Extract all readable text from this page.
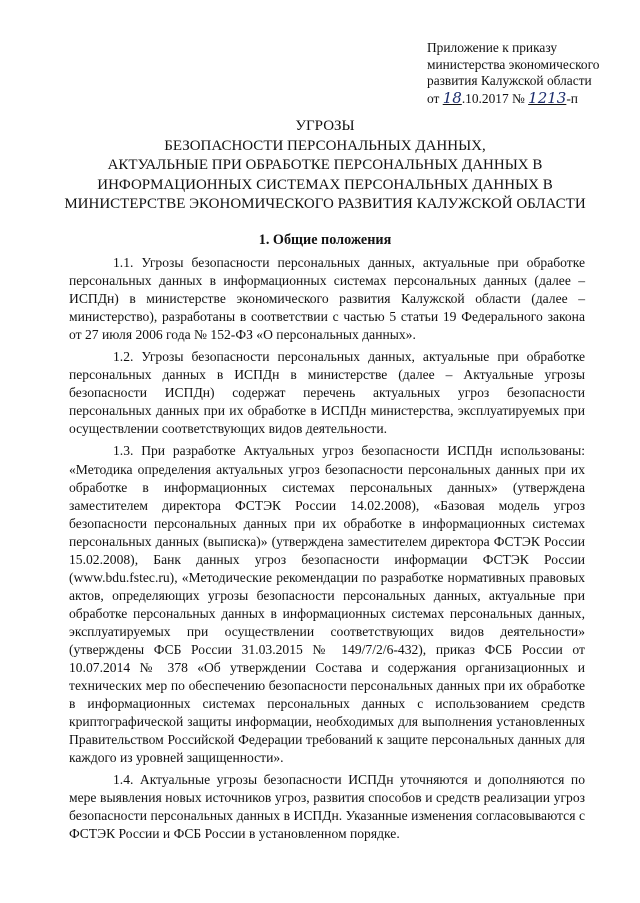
Приложение к приказу
министерства экономического
развития Калужской области
от 18.10.2017 № 1213-п
УГРОЗЫ
БЕЗОПАСНОСТИ ПЕРСОНАЛЬНЫХ ДАННЫХ,
АКТУАЛЬНЫЕ ПРИ ОБРАБОТКЕ ПЕРСОНАЛЬНЫХ ДАННЫХ В
ИНФОРМАЦИОННЫХ СИСТЕМАХ ПЕРСОНАЛЬНЫХ ДАННЫХ В
МИНИСТЕРСТВЕ ЭКОНОМИЧЕСКОГО РАЗВИТИЯ КАЛУЖСКОЙ ОБЛАСТИ
1. Общие положения

1.1. Угрозы безопасности персональных данных, актуальные при обработке персональных данных в информационных системах персональных данных (далее – ИСПДн) в министерстве экономического развития Калужской области (далее – министерство), разработаны в соответствии с частью 5 статьи 19 Федерального закона от 27 июля 2006 года № 152-ФЗ «О персональных данных».

1.2. Угрозы безопасности персональных данных, актуальные при обработке персональных данных в ИСПДн в министерстве (далее – Актуальные угрозы безопасности ИСПДн) содержат перечень актуальных угроз безопасности персональных данных при их обработке в ИСПДн министерства, эксплуатируемых при осуществлении соответствующих видов деятельности.

1.3. При разработке Актуальных угроз безопасности ИСПДн использованы: «Методика определения актуальных угроз безопасности персональных данных при их обработке в информационных системах персональных данных» (утверждена заместителем директора ФСТЭК России 14.02.2008), «Базовая модель угроз безопасности персональных данных при их обработке в информационных системах персональных данных (выписка)» (утверждена заместителем директора ФСТЭК России 15.02.2008), Банк данных угроз безопасности информации ФСТЭК России (www.bdu.fstec.ru), «Методические рекомендации по разработке нормативных правовых актов, определяющих угрозы безопасности персональных данных, актуальные при обработке персональных данных в информационных системах персональных данных, эксплуатируемых при осуществлении соответствующих видов деятельности» (утверждены ФСБ России 31.03.2015 № 149/7/2/6-432), приказ ФСБ России от 10.07.2014 № 378 «Об утверждении Состава и содержания организационных и технических мер по обеспечению безопасности персональных данных при их обработке в информационных системах персональных данных с использованием средств криптографической защиты информации, необходимых для выполнения установленных Правительством Российской Федерации требований к защите персональных данных для каждого из уровней защищенности».

1.4. Актуальные угрозы безопасности ИСПДн уточняются и дополняются по мере выявления новых источников угроз, развития способов и средств реализации угроз безопасности персональных данных в ИСПДн. Указанные изменения согласовываются с ФСТЭК России и ФСБ России в установленном порядке.
